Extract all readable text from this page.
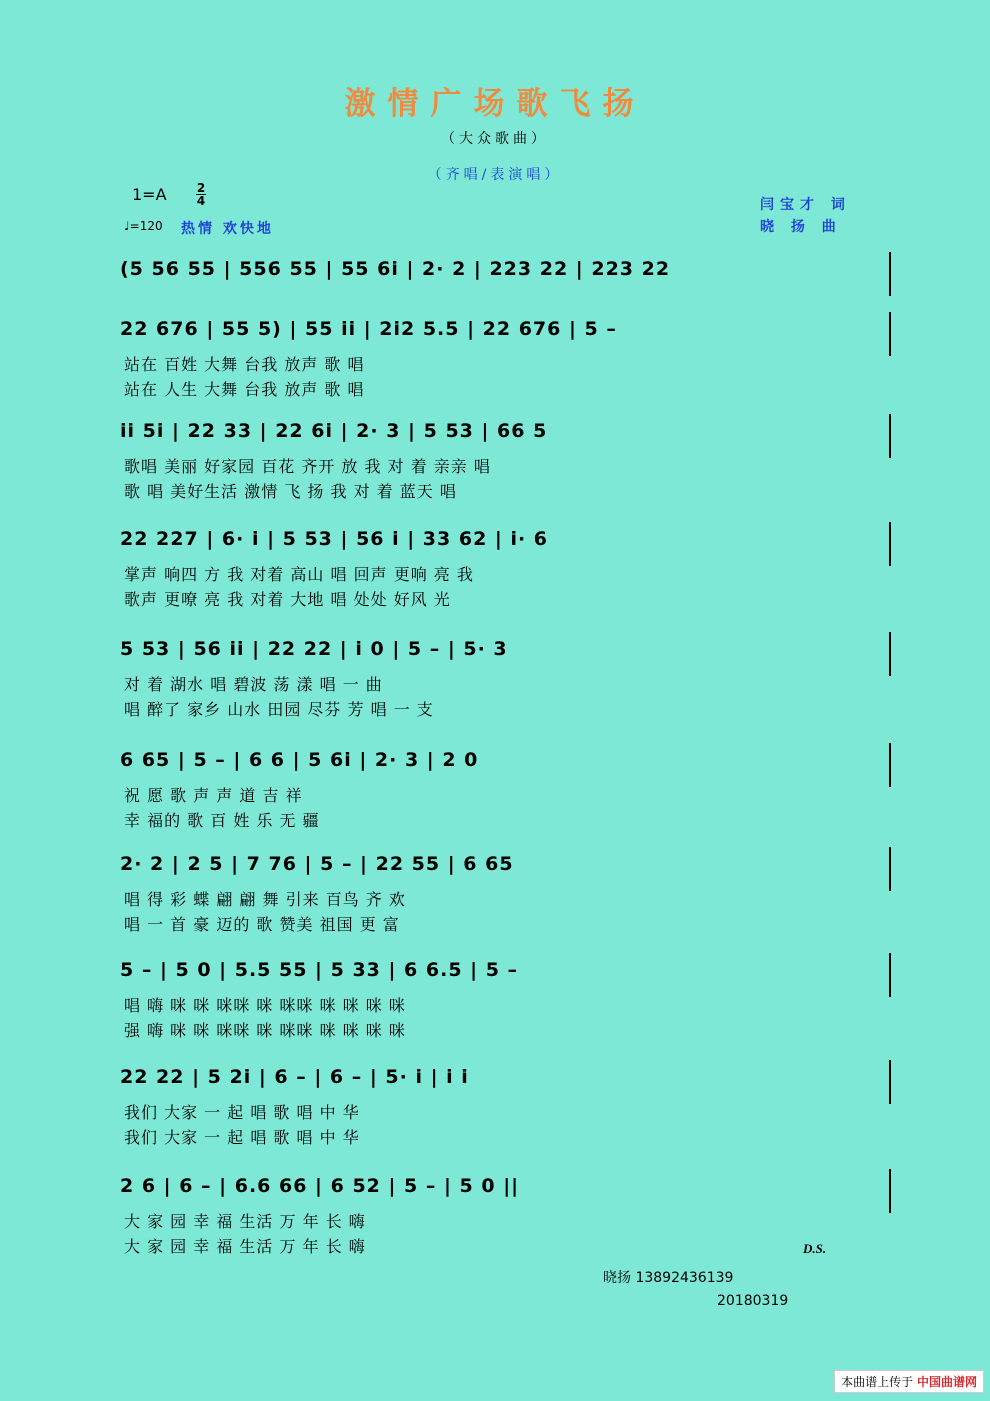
激情广场歌飞扬
（大众歌曲）
（齐唱/表演唱）
1=A	2
4
♩=120 热情 欢快地
闫宝才 词
晓 扬 曲
(5 56 55 | 556 55 | 55 6i | 2· 2 | 223 22 | 223 22
22 676 | 55 5) | 55 ii | 2i2 5.5 | 22 676 | 5 –
站在 百姓 大舞 台我 放声 歌 唱
站在 人生 大舞 台我 放声 歌 唱
ii 5i | 22 33 | 22 6i | 2· 3 | 5 53 | 66 5
歌唱 美丽 好家园 百花 齐开 放 我 对 着 亲亲 唱
歌 唱 美好生活 激情 飞 扬 我 对 着 蓝天 唱
22 227 | 6· i | 5 53 | 56 i | 33 62 | i· 6
掌声 响四 方 我 对着 高山 唱 回声 更响 亮 我
歌声 更嘹 亮 我 对着 大地 唱 处处 好风 光
5 53 | 56 ii | 22 22 | i 0 | 5 – | 5· 3
对 着 湖水 唱 碧波 荡 漾 唱 一 曲
唱 醉了 家乡 山水 田园 尽芬 芳 唱 一 支
6 65 | 5 – | 6 6 | 5 6i | 2· 3 | 2 0
祝 愿 歌 声 声 道 吉 祥
幸 福的 歌 百 姓 乐 无 疆
2· 2 | 2 5 | 7 76 | 5 – | 22 55 | 6 65
唱 得 彩 蝶 翩 翩 舞 引来 百鸟 齐 欢
唱 一 首 豪 迈的 歌 赞美 祖国 更 富
5 – | 5 0 | 5.5 55 | 5 33 | 6 6.5 | 5 –
唱 嗨 咪 咪 咪咪 咪 咪咪 咪 咪 咪 咪
强 嗨 咪 咪 咪咪 咪 咪咪 咪 咪 咪 咪
22 22 | 5 2i | 6 – | 6 – | 5· i | i i
我们 大家 一 起 唱 歌 唱 中 华
我们 大家 一 起 唱 歌 唱 中 华
2 6 | 6 – | 6.6 66 | 6 52 | 5 – | 5 0 ||
大 家 园 幸 福 生活 万 年 长 嗨
大 家 园 幸 福 生活 万 年 长 嗨	D.S.
晓扬 13892436139
20180319
本曲谱上传于 中国曲谱网
